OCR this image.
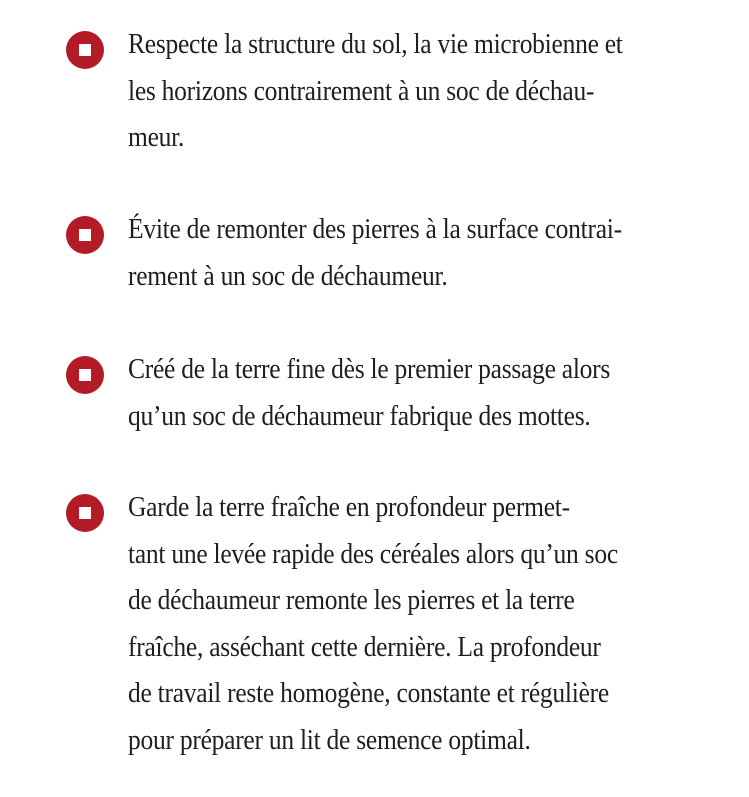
Respecte la structure du sol, la vie microbienne et
les horizons contrairement à un soc de déchau-
meur.

Évite de remonter des pierres à la surface contrai-
rement à un soc de déchaumeur.

Créé de la terre fine dès le premier passage alors
qu’un soc de déchaumeur fabrique des mottes.

Garde la terre fraîche en profondeur permet-
tant une levée rapide des céréales alors qu’un soc
de déchaumeur remonte les pierres et la terre
fraîche, asséchant cette dernière. La profondeur
de travail reste homogène, constante et régulière
pour préparer un lit de semence optimal.
